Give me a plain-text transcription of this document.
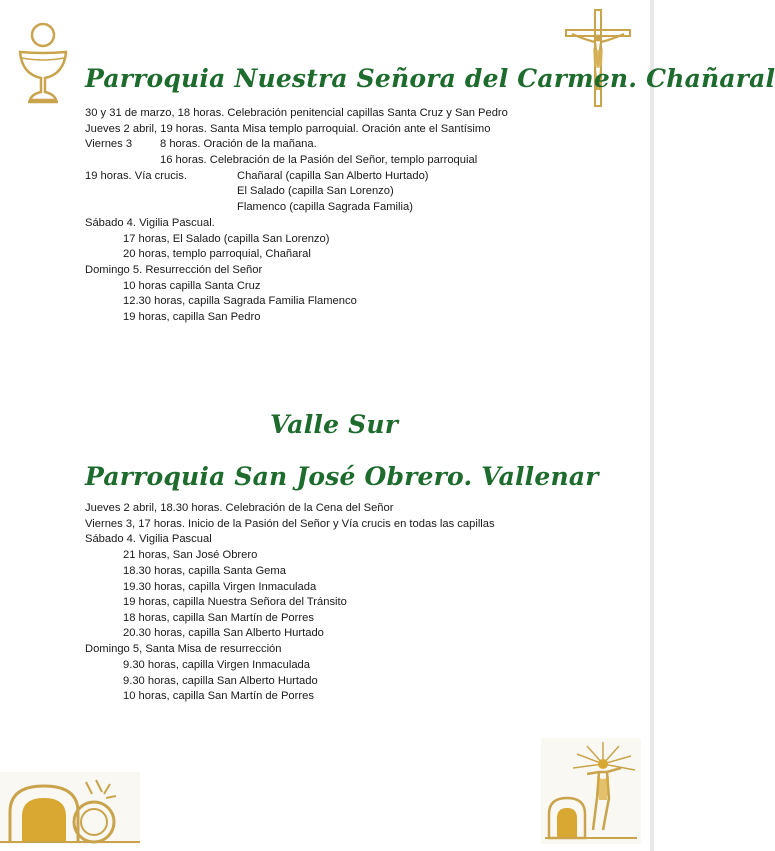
Parroquia Nuestra Señora del Carmen. Chañaral
Valle Sur
Parroquia San José Obrero. Vallenar
30 y 31 de marzo, 18 horas. Celebración penitencial capillas Santa Cruz y San Pedro
Jueves 2 abril, 19 horas. Santa Misa templo parroquial. Oración ante el Santísimo
Viernes 3 8 horas. Oración de la mañana.
16 horas. Celebración de la Pasión del Señor, templo parroquial
19 horas. Vía crucis.	Chañaral (capilla San Alberto Hurtado)
El Salado (capilla San Lorenzo)
Flamenco (capilla Sagrada Familia)
Sábado 4. Vigilia Pascual.
17 horas, El Salado (capilla San Lorenzo)
20 horas, templo parroquial, Chañaral
Domingo 5. Resurrección del Señor
10 horas capilla Santa Cruz
12.30 horas, capilla Sagrada Familia Flamenco
19 horas, capilla San Pedro
Jueves 2 abril, 18.30 horas. Celebración de la Cena del Señor
Viernes 3, 17 horas. Inicio de la Pasión del Señor y Vía crucis en todas las capillas
Sábado 4. Vigilia Pascual
21 horas, San José Obrero
18.30 horas, capilla Santa Gema
19.30 horas, capilla Virgen Inmaculada
19 horas, capilla Nuestra Señora del Tránsito
18 horas, capilla San Martín de Porres
20.30 horas, capilla San Alberto Hurtado
Domingo 5, Santa Misa de resurrección
9.30 horas, capilla Virgen Inmaculada
9.30 horas, capilla San Alberto Hurtado
10 horas, capilla San Martín de Porres
